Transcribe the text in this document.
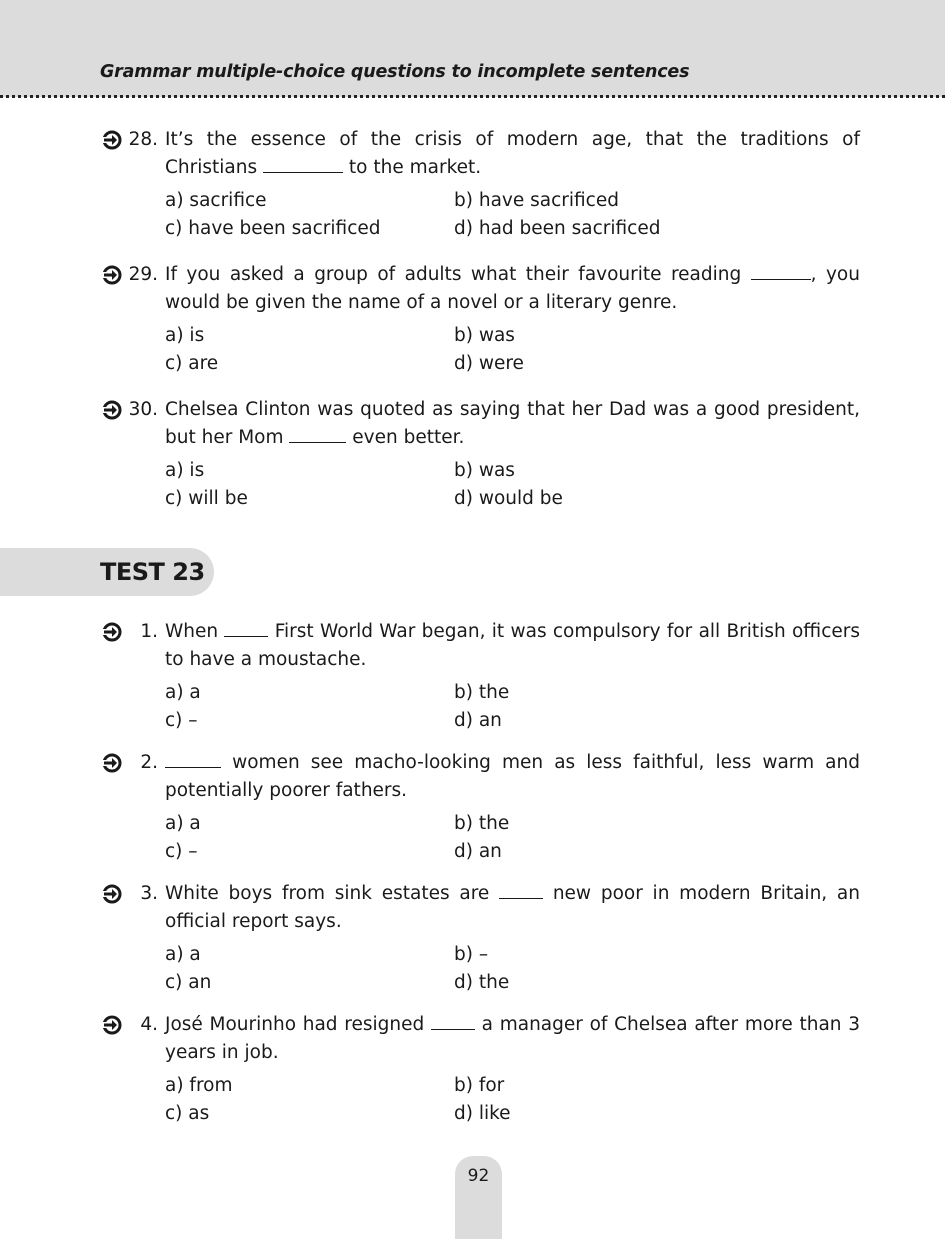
Grammar multiple-choice questions to incomplete sentences
28. It’s the essence of the crisis of modern age, that the traditions of Christians	to the market.
a) sacrifice	b) have sacrificed
c) have been sacrificed	d) had been sacrificed
29. If you asked a group of adults what their favourite reading	, you would be given the name of a novel or a literary genre.
a) is	b) was
c) are	d) were
30. Chelsea Clinton was quoted as saying that her Dad was a good president, but her Mom	even better.
a) is	b) was
c) will be	d) would be
TEST 23
1. When	First World War began, it was compulsory for all British officers to have a moustache.
a) a	b) the
c) –	d) an
2.	women see macho-looking men as less faithful, less warm and potentially poorer fathers.
a) a	b) the
c) –	d) an
3. White boys from sink estates are	new poor in modern Britain, an official report says.
a) a	b) –
c) an	d) the
4. José Mourinho had resigned	a manager of Chelsea after more than 3 years in job.
a) from	b) for
c) as	d) like
92
